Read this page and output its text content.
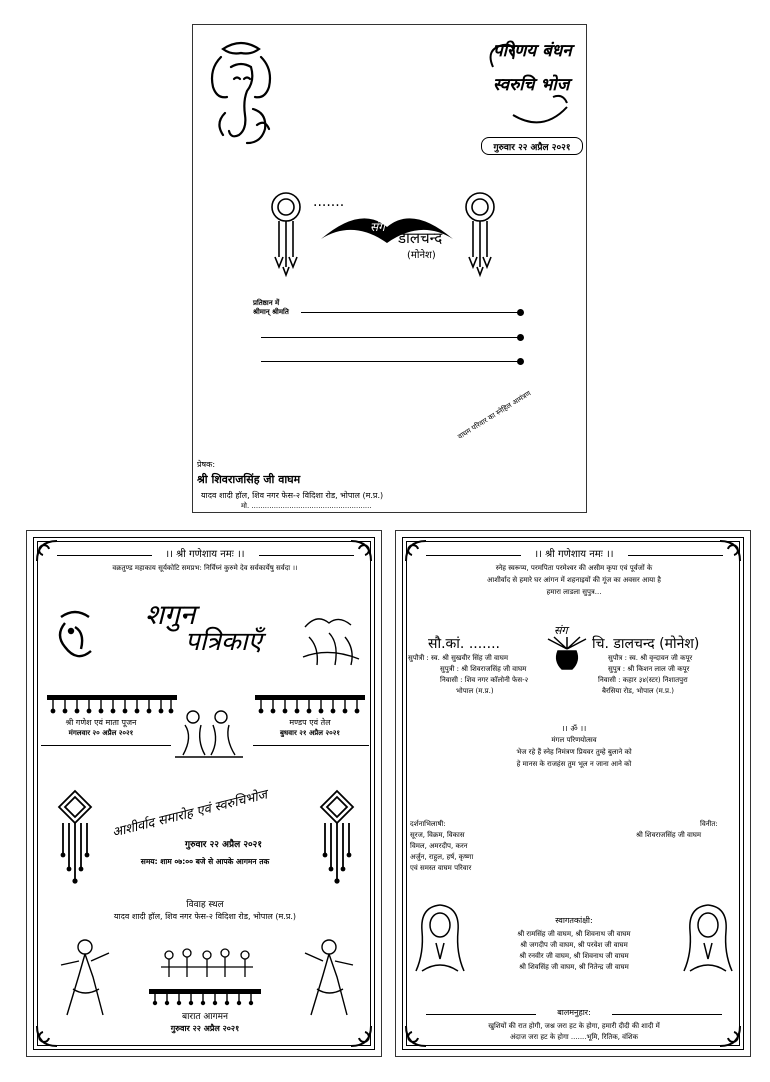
परिणय बंधन
स्वरुचि भोज
गुरुवार २२ अप्रैल २०२१
.......
संग
डालचन्द
(मोनेश)
प्रतिष्ठान में
श्रीमान् श्रीमति
वाघम परिवार का स्नेहिल आमंत्रण
प्रेषक:
श्री शिवराजसिंह जी वाघम
यादव शादी हॉल, शिव नगर फेस-२ विदिशा रोड, भोपाल (म.प्र.)
मो. ......................................................
।। श्री गणेशाय नमः ।।
वक्रतुण्ड महाकाय सूर्यकोटि समप्रभ: निर्विघ्नं कुरुमे देव सर्वकार्येषु सर्वदा ।।
शगुन
पत्रिकाएँ
श्री गणेश एवं माता पूजन
मंगलवार २० अप्रैल २०२१
मण्डप एवं तेल
बुधवार २१ अप्रैल २०२१
आशीर्वाद समारोह एवं स्वरुचिभोज
गुरुवार २२ अप्रैल २०२१
समय: शाम ०७:०० बजे से आपके आगमन तक
विवाह स्थल
यादव शादी हॉल, शिव नगर फेस-२ विदिशा रोड, भोपाल (म.प्र.)
बारात आगमन
गुरुवार २२ अप्रैल २०२१
।। श्री गणेशाय नमः ।।
स्नेह स्वरूप्य, परमपिता परमेश्वर की असीम कृपा एवं पूर्वजों के
आशीर्वाद से हमारे घर आंगन में शहनाइयों की गूंज का अवसर आया है
हमारा लाडला सुपुत्र...
सौ.कां. .......
सुपौत्री : स्व. श्री सुखवीर सिंह जी वाघम
सुपुत्री : श्री शिवराजसिंह जी वाघम
निवासी : शिव नगर कॉलोनी फेस-२
भोपाल (म.प्र.)
संग
चि. डालचन्द (मोनेश)
सुपौत्र : स्व. श्री वृन्दावन जी कपूर
सुपुत्र : श्री किशन लाल जी कपूर
निवासी : कहार ३४(स्टर) निशातपुरा
बैरसिया रोड, भोपाल (म.प्र.)
।। ॐ ।।
मंगल परिणयोत्सव
भेज रहे हैं स्नेह निमंत्रण प्रियवर तुम्हे बुलाने को
हे मानस के राजहंस तुम भूल न जाना आने को
दर्शनाभिलाषी:
सूरज, विक्रम, विकास
विमल, अमरदीप, करन
अर्जुन, राहुल, हर्ष, कृष्णा
एवं समस्त वाघम परिवार
विनीत:
श्री शिवराजसिंह जी वाघम
स्वागतकांक्षी:
श्री रामसिंह जी वाघम, श्री शिवनाथ जी वाघम
श्री जगदीप जी वाघम, श्री परवेश जी वाघम
श्री रनवीर जी वाघम, श्री शिवनाथ जी वाघम
श्री शिवसिंह जी वाघम, श्री नितेन्द्र जी वाघम
बालमनुहार:
खुशियों की रात होगी, जश्न जरा हट के होगा, हमारी दीदी की शादी में
अंदाज जरा हट के होगा .......भूमि, रितिक, वंशिक
